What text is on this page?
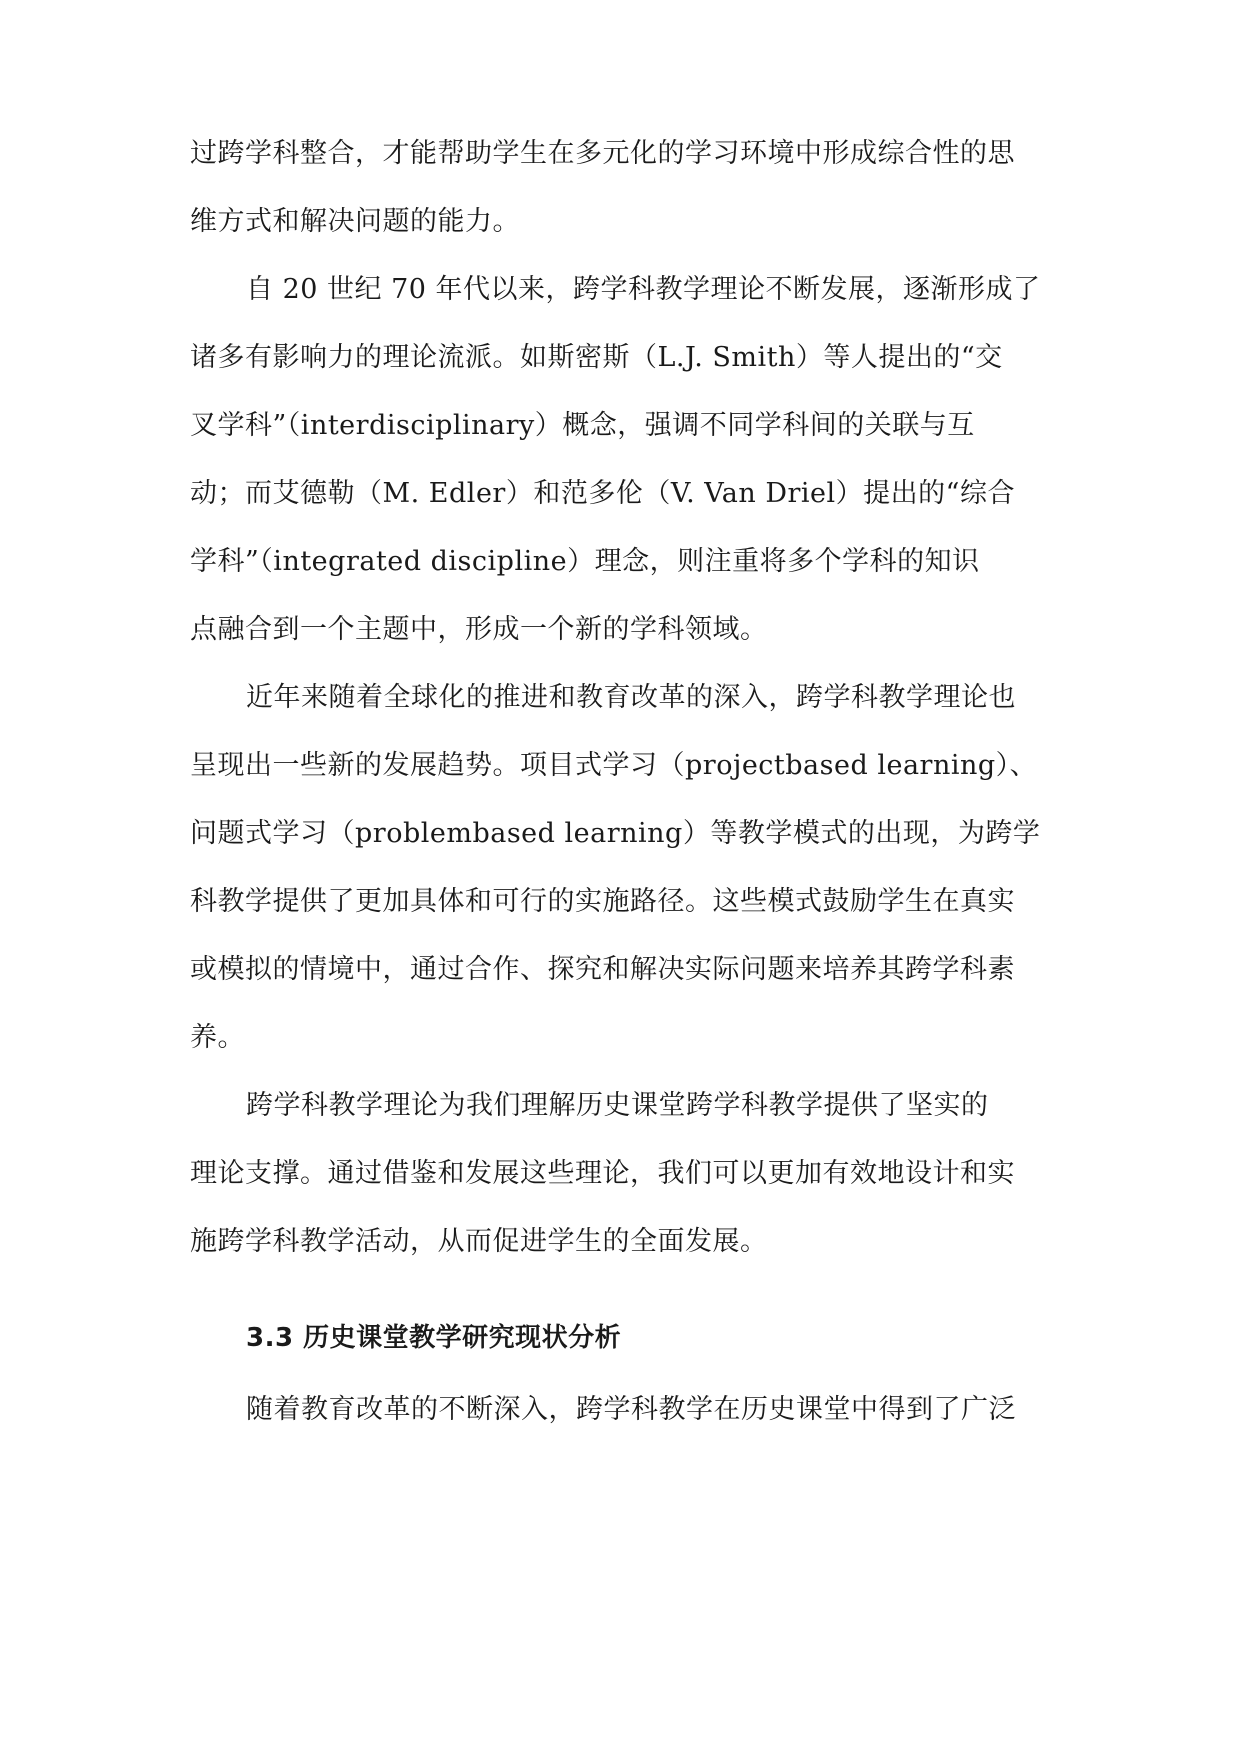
过跨学科整合，才能帮助学生在多元化的学习环境中形成综合性的思
维方式和解决问题的能力。
自 20 世纪 70 年代以来，跨学科教学理论不断发展，逐渐形成了
诸多有影响力的理论流派。如斯密斯（L.J. Smith）等人提出的“交
叉学科”（interdisciplinary）概念，强调不同学科间的关联与互
动；而艾德勒（M. Edler）和范多伦（V. Van Driel）提出的“综合
学科”（integrated discipline）理念，则注重将多个学科的知识
点融合到一个主题中，形成一个新的学科领域。
近年来随着全球化的推进和教育改革的深入，跨学科教学理论也
呈现出一些新的发展趋势。项目式学习（projectbased learning）、
问题式学习（problembased learning）等教学模式的出现，为跨学
科教学提供了更加具体和可行的实施路径。这些模式鼓励学生在真实
或模拟的情境中，通过合作、探究和解决实际问题来培养其跨学科素
养。
跨学科教学理论为我们理解历史课堂跨学科教学提供了坚实的
理论支撑。通过借鉴和发展这些理论，我们可以更加有效地设计和实
施跨学科教学活动，从而促进学生的全面发展。
3.3 历史课堂教学研究现状分析
随着教育改革的不断深入，跨学科教学在历史课堂中得到了广泛
